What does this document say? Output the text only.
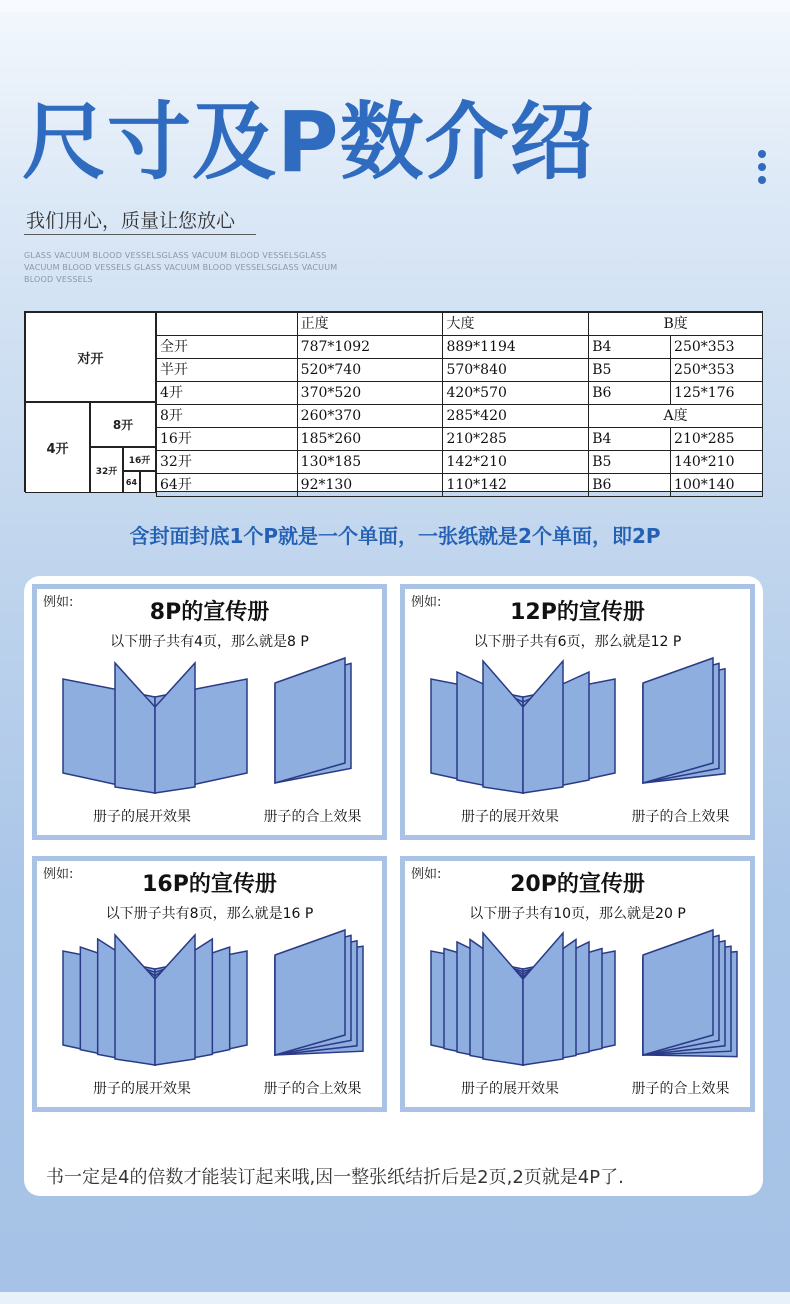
尺寸及P数介绍
我们用心，质量让您放心
GLASS VACUUM BLOOD VESSELSGLASS VACUUM BLOOD VESSELSGLASS VACUUM BLOOD VESSELS GLASS VACUUM BLOOD VESSELSGLASS VACUUM BLOOD VESSELS
对开
4开
8开
32开
16开
64
	正度	大度	B度	
全开	787*1092	889*1194	B4	250*353
半开	520*740	570*840	B5	250*353
4开	370*520	420*570	B6	125*176
8开	260*370	285*420	A度	
16开	185*260	210*285	B4	210*285
32开	130*185	142*210	B5	140*210
64开	92*130	110*142	B6	100*140
含封面封底1个P就是一个单面，一张纸就是2个单面，即2P
例如:	8P的宣传册
以下册子共有4页，那么就是8 P
册子的展开效果	册子的合上效果
例如:	12P的宣传册
以下册子共有6页，那么就是12 P
册子的展开效果	册子的合上效果
例如:	16P的宣传册
以下册子共有8页，那么就是16 P
册子的展开效果	册子的合上效果
例如:	20P的宣传册
以下册子共有10页，那么就是20 P
册子的展开效果	册子的合上效果
书一定是4的倍数才能装订起来哦,因一整张纸结折后是2页,2页就是4P了.
